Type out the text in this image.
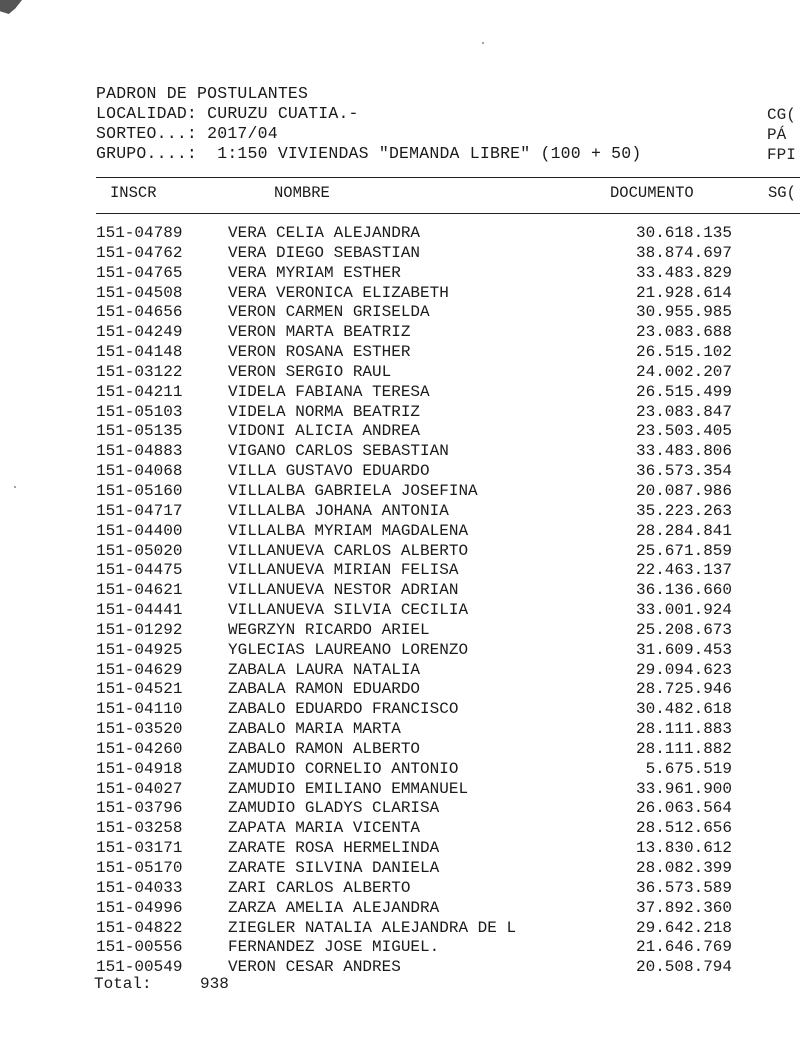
PADRON DE POSTULANTES
LOCALIDAD: CURUZU CUATIA.-
SORTEO...: 2017/04
GRUPO....:  1:150 VIVIENDAS "DEMANDA LIBRE" (100 + 50)
CG(
PÁ
FPI
INSCR	NOMBRE	DOCUMENTO	SG(
151-04789	VERA CELIA ALEJANDRA	30.618.135
151-04762	VERA DIEGO SEBASTIAN	38.874.697
151-04765	VERA MYRIAM ESTHER	33.483.829
151-04508	VERA VERONICA ELIZABETH	21.928.614
151-04656	VERON CARMEN GRISELDA	30.955.985
151-04249	VERON MARTA BEATRIZ	23.083.688
151-04148	VERON ROSANA ESTHER	26.515.102
151-03122	VERON SERGIO RAUL	24.002.207
151-04211	VIDELA FABIANA TERESA	26.515.499
151-05103	VIDELA NORMA BEATRIZ	23.083.847
151-05135	VIDONI ALICIA ANDREA	23.503.405
151-04883	VIGANO CARLOS SEBASTIAN	33.483.806
151-04068	VILLA GUSTAVO EDUARDO	36.573.354
151-05160	VILLALBA GABRIELA JOSEFINA	20.087.986
151-04717	VILLALBA JOHANA ANTONIA	35.223.263
151-04400	VILLALBA MYRIAM MAGDALENA	28.284.841
151-05020	VILLANUEVA CARLOS ALBERTO	25.671.859
151-04475	VILLANUEVA MIRIAN FELISA	22.463.137
151-04621	VILLANUEVA NESTOR ADRIAN	36.136.660
151-04441	VILLANUEVA SILVIA CECILIA	33.001.924
151-01292	WEGRZYN RICARDO ARIEL	25.208.673
151-04925	YGLECIAS LAUREANO LORENZO	31.609.453
151-04629	ZABALA LAURA NATALIA	29.094.623
151-04521	ZABALA RAMON EDUARDO	28.725.946
151-04110	ZABALO EDUARDO FRANCISCO	30.482.618
151-03520	ZABALO MARIA MARTA	28.111.883
151-04260	ZABALO RAMON ALBERTO	28.111.882
151-04918	ZAMUDIO CORNELIO ANTONIO	5.675.519
151-04027	ZAMUDIO EMILIANO EMMANUEL	33.961.900
151-03796	ZAMUDIO GLADYS CLARISA	26.063.564
151-03258	ZAPATA MARIA VICENTA	28.512.656
151-03171	ZARATE ROSA HERMELINDA	13.830.612
151-05170	ZARATE SILVINA DANIELA	28.082.399
151-04033	ZARI CARLOS ALBERTO	36.573.589
151-04996	ZARZA AMELIA ALEJANDRA	37.892.360
151-04822	ZIEGLER NATALIA ALEJANDRA DE L	29.642.218
151-00556	FERNANDEZ JOSE MIGUEL.	21.646.769
151-00549	VERON CESAR ANDRES	20.508.794

Total:

	938
